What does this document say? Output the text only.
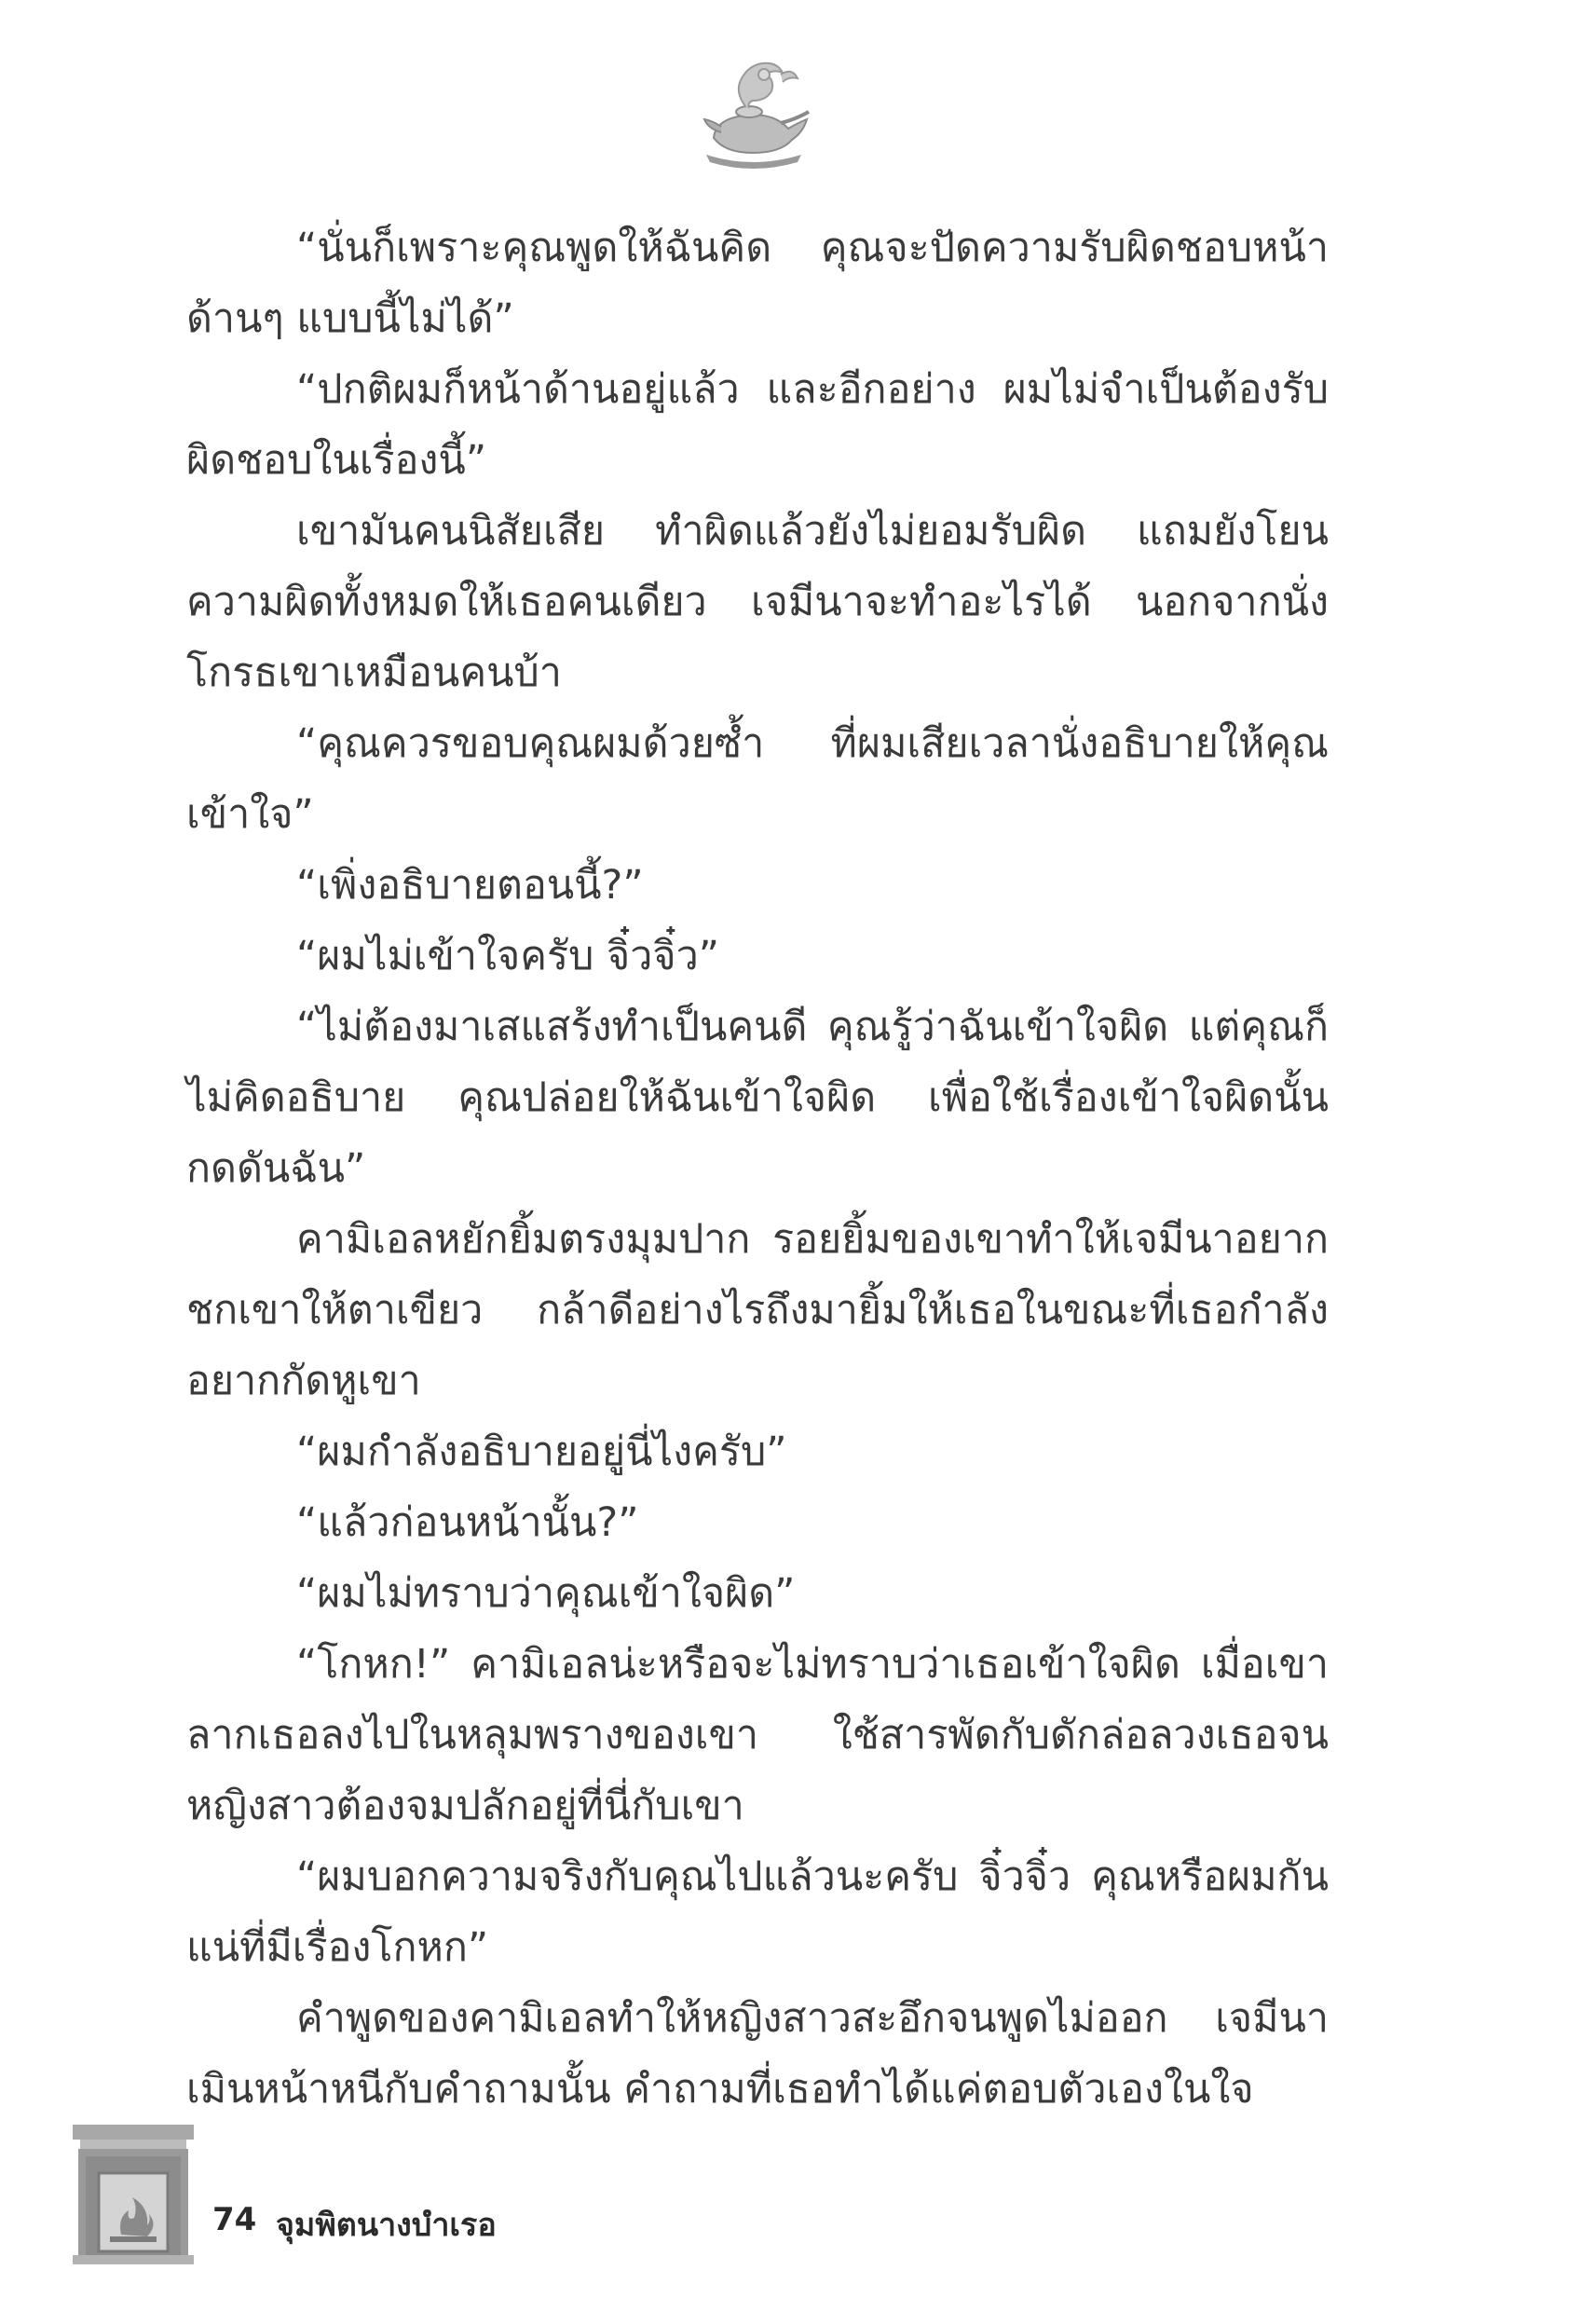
“นั่นก็เพราะคุณพูดให้ฉันคิด คุณจะปัดความรับผิดชอบหน้าด้านๆ แบบนี้ไม่ได้”

“ปกติผมก็หน้าด้านอยู่แล้ว และอีกอย่าง ผมไม่จำเป็นต้องรับผิดชอบในเรื่องนี้”

เขามันคนนิสัยเสีย ทำผิดแล้วยังไม่ยอมรับผิด แถมยังโยนความผิดทั้งหมดให้เธอคนเดียว เจมีนาจะทำอะไรได้ นอกจากนั่งโกรธเขาเหมือนคนบ้า

“คุณควรขอบคุณผมด้วยซ้ำ ที่ผมเสียเวลานั่งอธิบายให้คุณเข้าใจ”

“เพิ่งอธิบายตอนนี้?”

“ผมไม่เข้าใจครับ จิ๋วจิ๋ว”

“ไม่ต้องมาเสแสร้งทำเป็นคนดี คุณรู้ว่าฉันเข้าใจผิด แต่คุณก็ไม่คิดอธิบาย คุณปล่อยให้ฉันเข้าใจผิด เพื่อใช้เรื่องเข้าใจผิดนั้นกดดันฉัน”

คามิเอลหยักยิ้มตรงมุมปาก รอยยิ้มของเขาทำให้เจมีนาอยากชกเขาให้ตาเขียว กล้าดีอย่างไรถึงมายิ้มให้เธอในขณะที่เธอกำลังอยากกัดหูเขา

“ผมกำลังอธิบายอยู่นี่ไงครับ”

“แล้วก่อนหน้านั้น?”

“ผมไม่ทราบว่าคุณเข้าใจผิด”

“โกหก!” คามิเอลน่ะหรือจะไม่ทราบว่าเธอเข้าใจผิด เมื่อเขาลากเธอลงไปในหลุมพรางของเขา ใช้สารพัดกับดักล่อลวงเธอจนหญิงสาวต้องจมปลักอยู่ที่นี่กับเขา

“ผมบอกความจริงกับคุณไปแล้วนะครับ จิ๋วจิ๋ว คุณหรือผมกันแน่ที่มีเรื่องโกหก”

คำพูดของคามิเอลทำให้หญิงสาวสะอึกจนพูดไม่ออก เจมีนาเมินหน้าหนีกับคำถามนั้น คำถามที่เธอทำได้แค่ตอบตัวเองในใจ

74 จุมพิตนางบำเรอ
